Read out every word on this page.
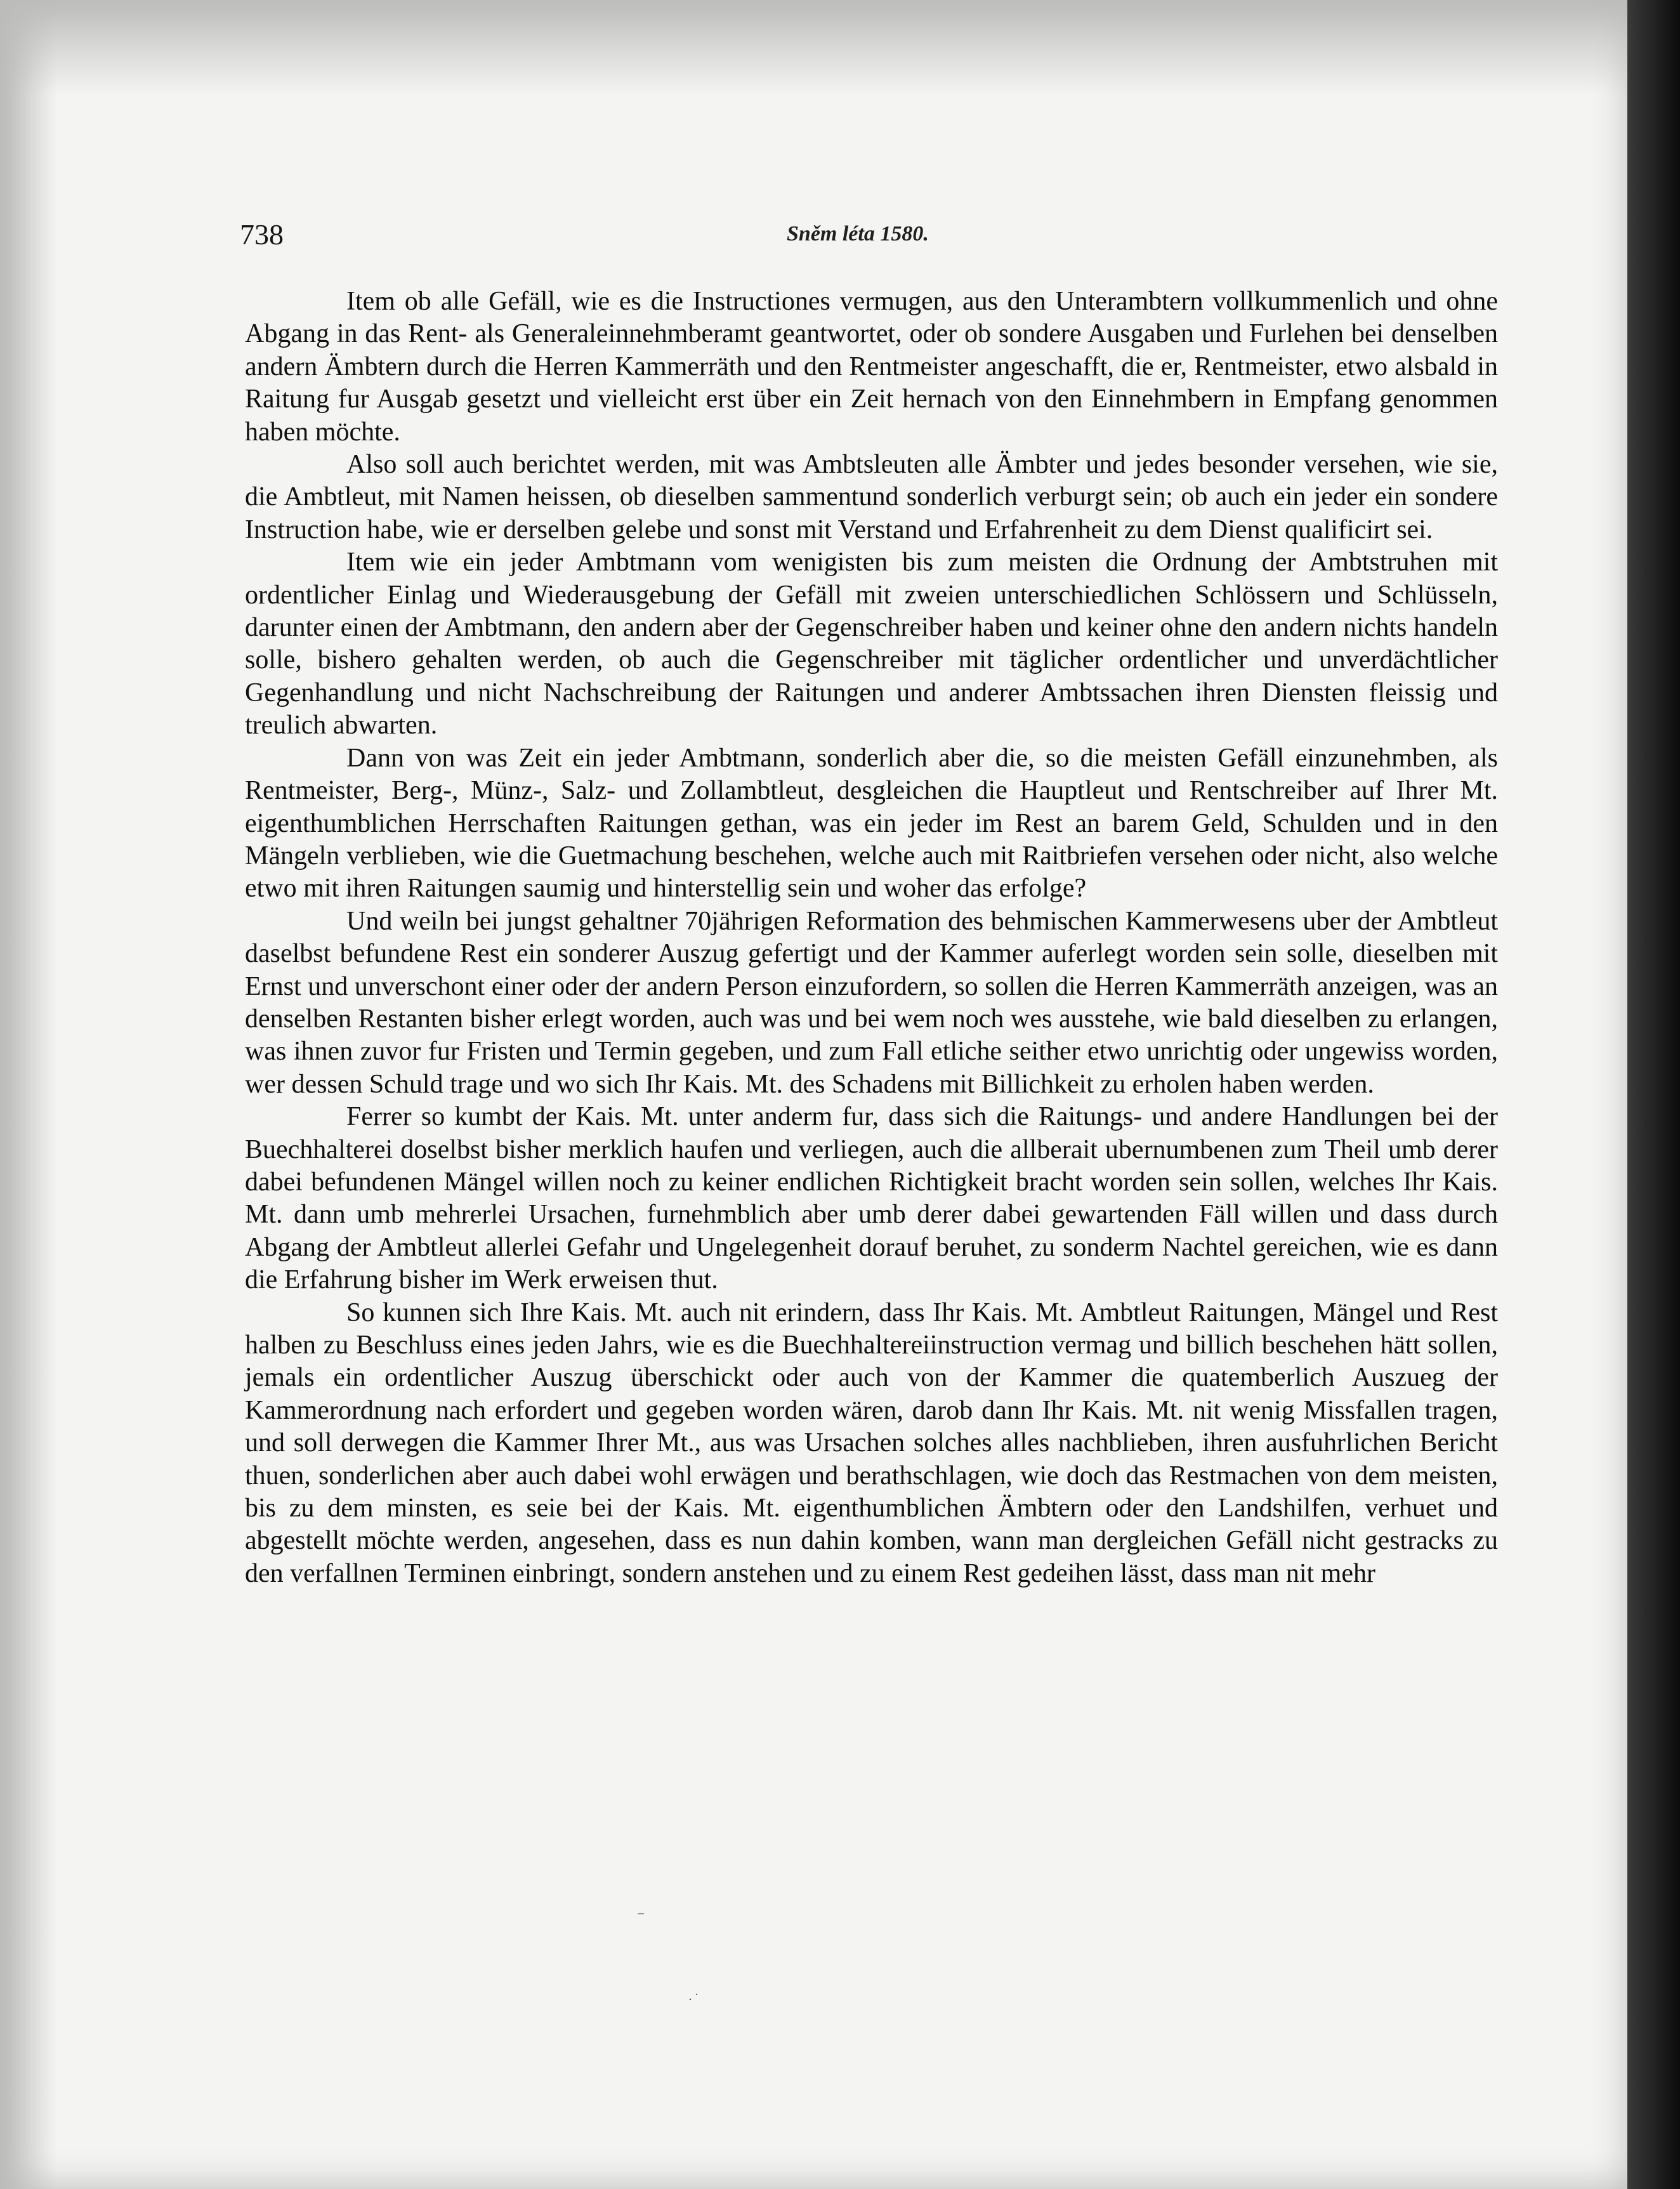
738	Sněm léta 1580.

Item ob alle Gefäll, wie es die Instructiones vermugen, aus den Unterambtern vollkummenlich und ohne Abgang in das Rent- als Generaleinnehmberamt geantwortet, oder ob sondere Ausgaben und Furlehen bei denselben andern Ämbtern durch die Herren Kammerräth und den Rentmeister angeschafft, die er, Rentmeister, etwo alsbald in Raitung fur Ausgab gesetzt und vielleicht erst über ein Zeit hernach von den Einnehmbern in Empfang genommen haben möchte.

Also soll auch berichtet werden, mit was Ambtsleuten alle Ämbter und jedes besonder versehen, wie sie, die Ambtleut, mit Namen heissen, ob dieselben sammentund sonderlich verburgt sein; ob auch ein jeder ein sondere Instruction habe, wie er derselben gelebe und sonst mit Verstand und Erfahrenheit zu dem Dienst qualificirt sei.

Item wie ein jeder Ambtmann vom wenigisten bis zum meisten die Ordnung der Ambtstruhen mit ordentlicher Einlag und Wiederausgebung der Gefäll mit zweien unterschiedlichen Schlössern und Schlüsseln, darunter einen der Ambtmann, den andern aber der Gegenschreiber haben und keiner ohne den andern nichts handeln solle, bishero gehalten werden, ob auch die Gegenschreiber mit täglicher ordentlicher und unverdächtlicher Gegenhandlung und nicht Nachschreibung der Raitungen und anderer Ambtssachen ihren Diensten fleissig und treulich abwarten.

Dann von was Zeit ein jeder Ambtmann, sonderlich aber die, so die meisten Gefäll einzunehmben, als Rentmeister, Berg-, Münz-, Salz- und Zollambtleut, desgleichen die Hauptleut und Rentschreiber auf Ihrer Mt. eigenthumblichen Herrschaften Raitungen gethan, was ein jeder im Rest an barem Geld, Schulden und in den Mängeln verblieben, wie die Guetmachung beschehen, welche auch mit Raitbriefen versehen oder nicht, also welche etwo mit ihren Raitungen saumig und hinterstellig sein und woher das erfolge?

Und weiln bei jungst gehaltner 70jährigen Reformation des behmischen Kammerwesens uber der Ambtleut daselbst befundene Rest ein sonderer Auszug gefertigt und der Kammer auferlegt worden sein solle, dieselben mit Ernst und unverschont einer oder der andern Person einzufordern, so sollen die Herren Kammerräth anzeigen, was an denselben Restanten bisher erlegt worden, auch was und bei wem noch wes ausstehe, wie bald dieselben zu erlangen, was ihnen zuvor fur Fristen und Termin gegeben, und zum Fall etliche seither etwo unrichtig oder ungewiss worden, wer dessen Schuld trage und wo sich Ihr Kais. Mt. des Schadens mit Billichkeit zu erholen haben werden.

Ferrer so kumbt der Kais. Mt. unter anderm fur, dass sich die Raitungs- und andere Handlungen bei der Buechhalterei doselbst bisher merklich haufen und verliegen, auch die allberait ubernumbenen zum Theil umb derer dabei befundenen Mängel willen noch zu keiner endlichen Richtigkeit bracht worden sein sollen, welches Ihr Kais. Mt. dann umb mehrerlei Ursachen, furnehmblich aber umb derer dabei gewartenden Fäll willen und dass durch Abgang der Ambtleut allerlei Gefahr und Ungelegenheit dorauf beruhet, zu sonderm Nachtel gereichen, wie es dann die Erfahrung bisher im Werk erweisen thut.

So kunnen sich Ihre Kais. Mt. auch nit erindern, dass Ihr Kais. Mt. Ambtleut Raitungen, Mängel und Rest halben zu Beschluss eines jeden Jahrs, wie es die Buechhaltereiinstruction vermag und billich beschehen hätt sollen, jemals ein ordentlicher Auszug überschickt oder auch von der Kammer die quatemberlich Auszueg der Kammerordnung nach erfordert und gegeben worden wären, darob dann Ihr Kais. Mt. nit wenig Missfallen tragen, und soll derwegen die Kammer Ihrer Mt., aus was Ursachen solches alles nachblieben, ihren ausfuhrlichen Bericht thuen, sonderlichen aber auch dabei wohl erwägen und berathschlagen, wie doch das Restmachen von dem meisten, bis zu dem minsten, es seie bei der Kais. Mt. eigenthumblichen Ämbtern oder den Landshilfen, verhuet und abgestellt möchte werden, angesehen, dass es nun dahin komben, wann man dergleichen Gefäll nicht gestracks zu den verfallnen Terminen einbringt, sondern anstehen und zu einem Rest gedeihen lässt, dass man nit mehr

–
· ˙
